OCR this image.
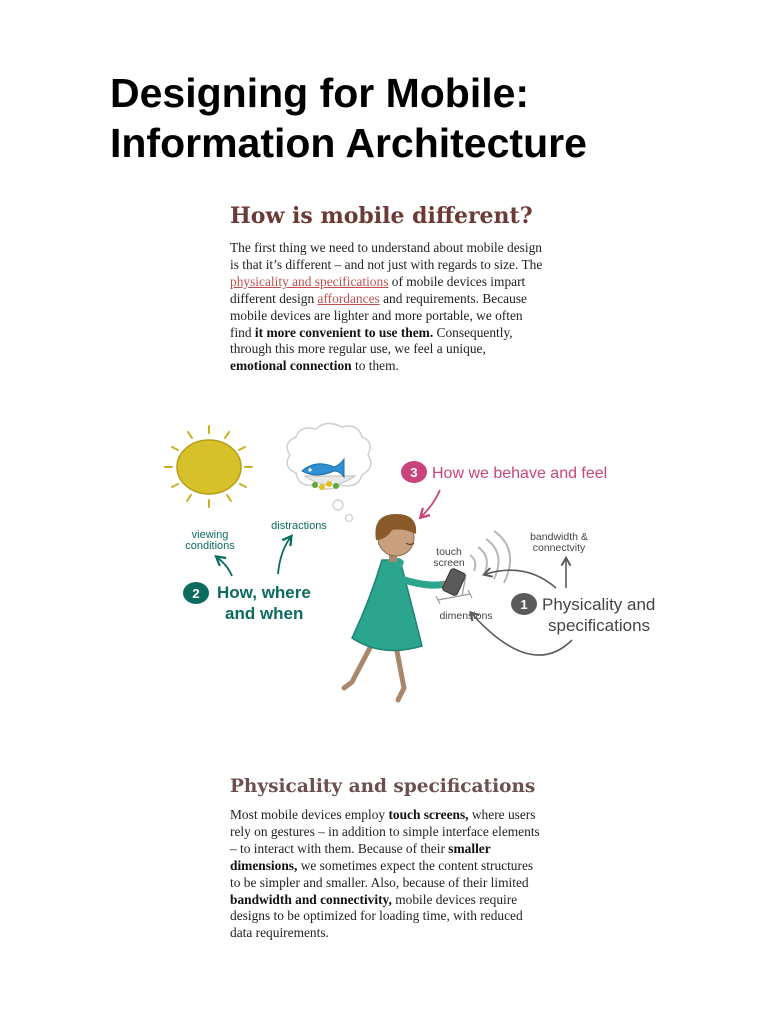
Designing for Mobile:
Information Architecture
How is mobile different?

The first thing we need to understand about mobile design
is that it’s different – and not just with regards to size. The
physicality and specifications of mobile devices impart
different design affordances and requirements. Because
mobile devices are lighter and more portable, we often
find it more convenient to use them. Consequently,
through this more regular use, we feel a unique,
emotional connection to them.

3 How we behave and feel
2 How, where
and when
viewing
conditions
distractions
touch
screen
dimensions
bandwidth &
connectvity
1 Physicality and
specifications
Physicality and specifications

Most mobile devices employ touch screens, where users
rely on gestures – in addition to simple interface elements
– to interact with them. Because of their smaller
dimensions, we sometimes expect the content structures
to be simpler and smaller. Also, because of their limited
bandwidth and connectivity, mobile devices require
designs to be optimized for loading time, with reduced
data requirements.
